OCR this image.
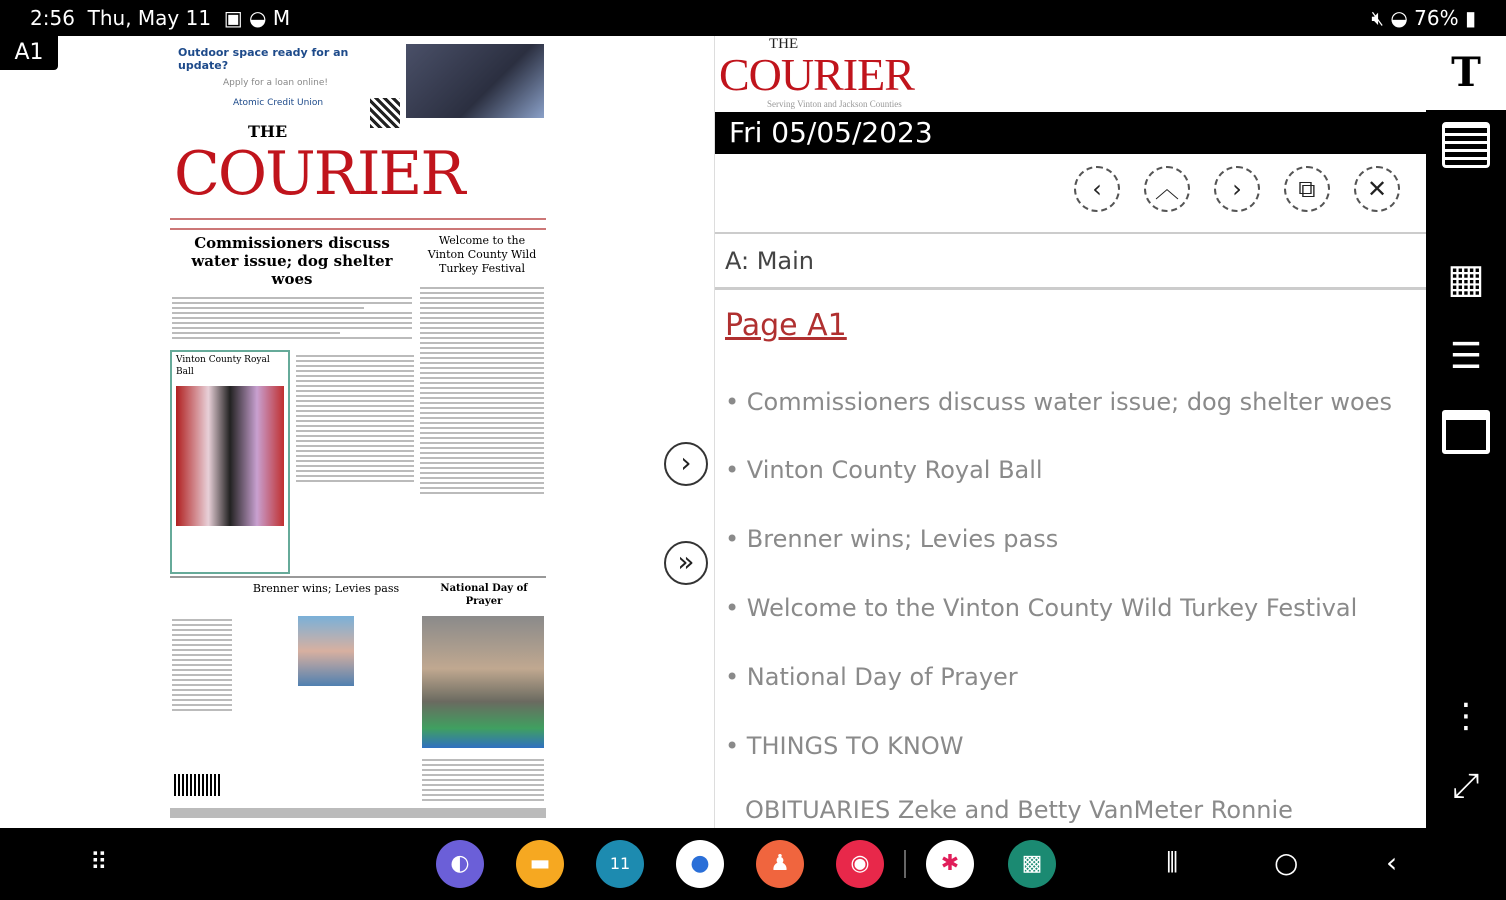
2:56 Thu, May 11 ▣ ◒ M	🔇︎ ◒ 76% ▮
A1	Outdoor space ready for an update?
Apply for a loan online!
Atomic Credit Union
THE
COURIER
Commissioners discuss water issue; dog shelter woes
Welcome to the Vinton County Wild Turkey Festival
Vinton County Royal Ball
Brenner wins; Levies pass	National Day of Prayer
›
»
THE
COURIER
Serving Vinton and Jackson Counties
Fri 05/05/2023
‹	︿	›	⧉	✕
A: Main
Page A1
• Commissioners discuss water issue; dog shelter woes
• Vinton County Royal Ball
• Brenner wins; Levies pass
• Welcome to the Vinton County Wild Turkey Festival
• National Day of Prayer
• THINGS TO KNOW
OBITUARIES Zeke and Betty VanMeter Ronnie
T
▦
☰
⋮
⤢
⠿	◐	▬	11	●	♟	◉	✱	▩	⦀	○	‹
